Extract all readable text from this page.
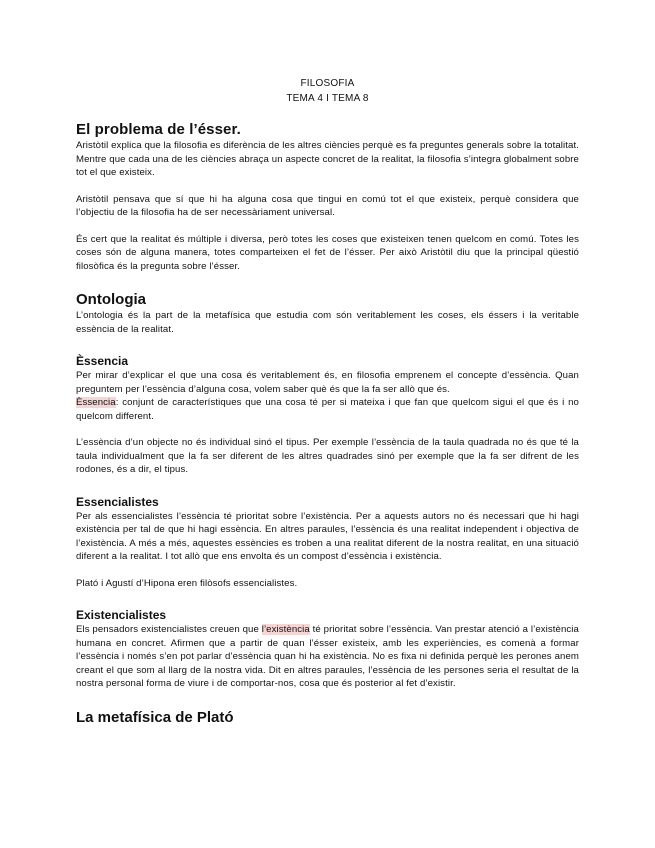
FILOSOFIA
TEMA 4 I TEMA 8
El problema de l’ésser.

Aristòtil explica que la filosofia es diferència de les altres ciències perquè es fa preguntes generals sobre la totalitat. Mentre que cada una de les ciències abraça un aspecte concret de la realitat, la filosofia s’integra globalment sobre tot el que existeix.

Aristòtil pensava que sí que hi ha alguna cosa que tingui en comú tot el que existeix, perquè considera que l’objectiu de la filosofia ha de ser necessàriament universal.

És cert que la realitat és múltiple i diversa, però totes les coses que existeixen tenen quelcom en comú. Totes les coses són de alguna manera, totes comparteixen el fet de l’ésser. Per això Aristòtil diu que la principal qüestió filosòfica és la pregunta sobre l’ésser.

Ontologia

L’ontologia és la part de la metafísica que estudia com són veritablement les coses, els éssers i la veritable essència de la realitat.

Èssencia

Per mirar d’explicar el que una cosa és veritablement és, en filosofia emprenem el concepte d’essència. Quan preguntem per l’essència d’alguna cosa, volem saber què és que la fa ser allò que és.

Èssencia: conjunt de característiques que una cosa té per si mateixa i que fan que quelcom sigui el que és i no quelcom different.

L’essència d’un objecte no és individual sinó el tipus. Per exemple l’essència de la taula quadrada no és que té la taula individualment que la fa ser diferent de les altres quadrades sinó per exemple que la fa ser difrent de les rodones, és a dir, el tipus.

Essencialistes

Per als essencialistes l’essència té prioritat sobre l’existència. Per a aquests autors no és necessari que hi hagi existència per tal de que hi hagi essència. En altres paraules, l’essència és una realitat independent i objectiva de l’existència. A més a més, aquestes essències es troben a una realitat diferent de la nostra realitat, en una situació diferent a la realitat. I tot allò que ens envolta és un compost d’essència i existència.

Plató i Agustí d’Hipona eren filòsofs essencialistes.

Existencialistes

Els pensadors existencialistes creuen que l’existència té prioritat sobre l’essència. Van prestar atenció a l’existència humana en concret. Afirmen que a partir de quan l’ésser existeix, amb les experiències, es comenà a formar l’essència i només s’en pot parlar d’essència quan hi ha existència. No es fixa ni definida perquè les perones anem creant el que som al llarg de la nostra vida. Dit en altres paraules, l’essència de les persones seria el resultat de la nostra personal forma de viure i de comportar-nos, cosa que és posterior al fet d’existir.

La metafísica de Plató
